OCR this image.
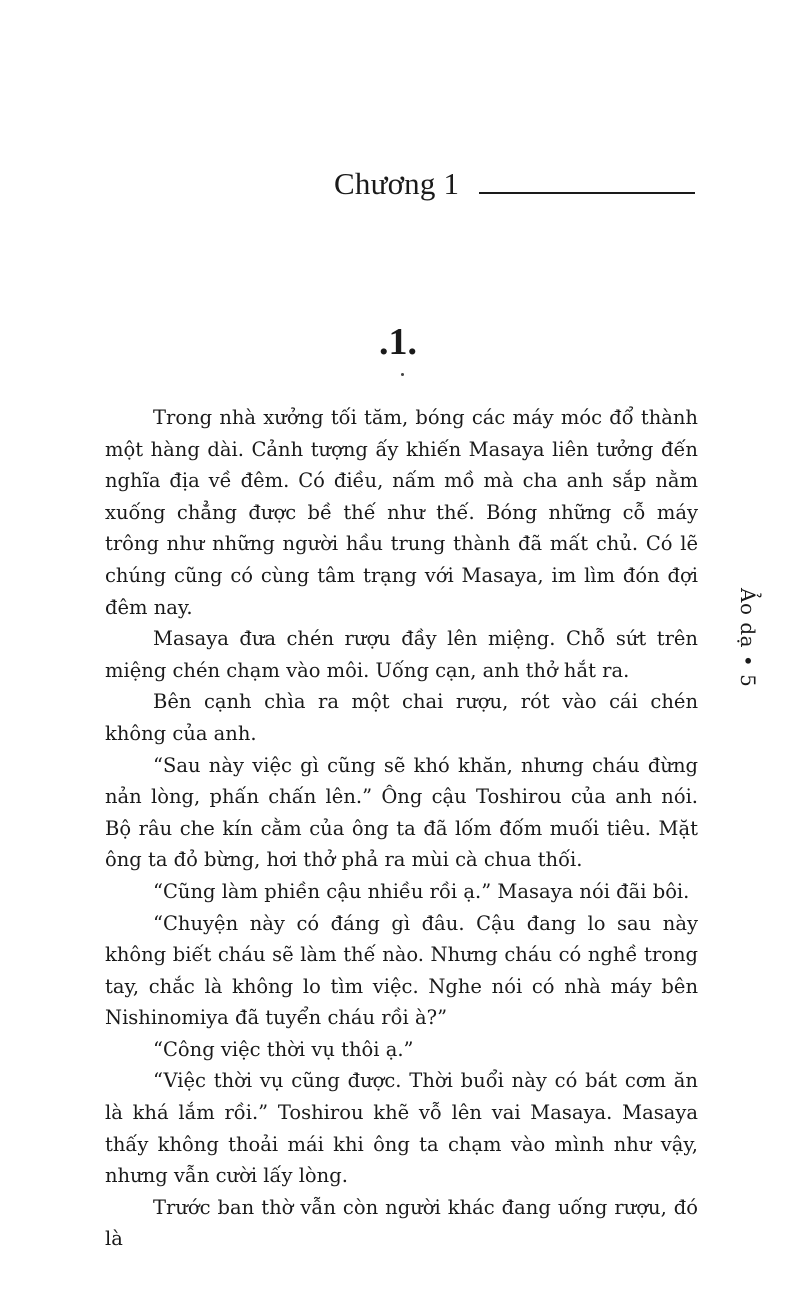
Chương 1
.1.

Trong nhà xưởng tối tăm, bóng các máy móc đổ thành một hàng dài. Cảnh tượng ấy khiến Masaya liên tưởng đến nghĩa địa về đêm. Có điều, nấm mồ mà cha anh sắp nằm xuống chẳng được bề thế như thế. Bóng những cỗ máy trông như những người hầu trung thành đã mất chủ. Có lẽ chúng cũng có cùng tâm trạng với Masaya, im lìm đón đợi đêm nay.

Masaya đưa chén rượu đầy lên miệng. Chỗ sứt trên miệng chén chạm vào môi. Uống cạn, anh thở hắt ra.

Bên cạnh chìa ra một chai rượu, rót vào cái chén không của anh.

“Sau này việc gì cũng sẽ khó khăn, nhưng cháu đừng nản lòng, phấn chấn lên.” Ông cậu Toshirou của anh nói. Bộ râu che kín cằm của ông ta đã lốm đốm muối tiêu. Mặt ông ta đỏ bừng, hơi thở phả ra mùi cà chua thối.

“Cũng làm phiền cậu nhiều rồi ạ.” Masaya nói đãi bôi.

“Chuyện này có đáng gì đâu. Cậu đang lo sau này không biết cháu sẽ làm thế nào. Nhưng cháu có nghề trong tay, chắc là không lo tìm việc. Nghe nói có nhà máy bên Nishinomiya đã tuyển cháu rồi à?”

“Công việc thời vụ thôi ạ.”

“Việc thời vụ cũng được. Thời buổi này có bát cơm ăn là khá lắm rồi.” Toshirou khẽ vỗ lên vai Masaya. Masaya thấy không thoải mái khi ông ta chạm vào mình như vậy, nhưng vẫn cười lấy lòng.

Trước ban thờ vẫn còn người khác đang uống rượu, đó là

Ảo dạ • 5
